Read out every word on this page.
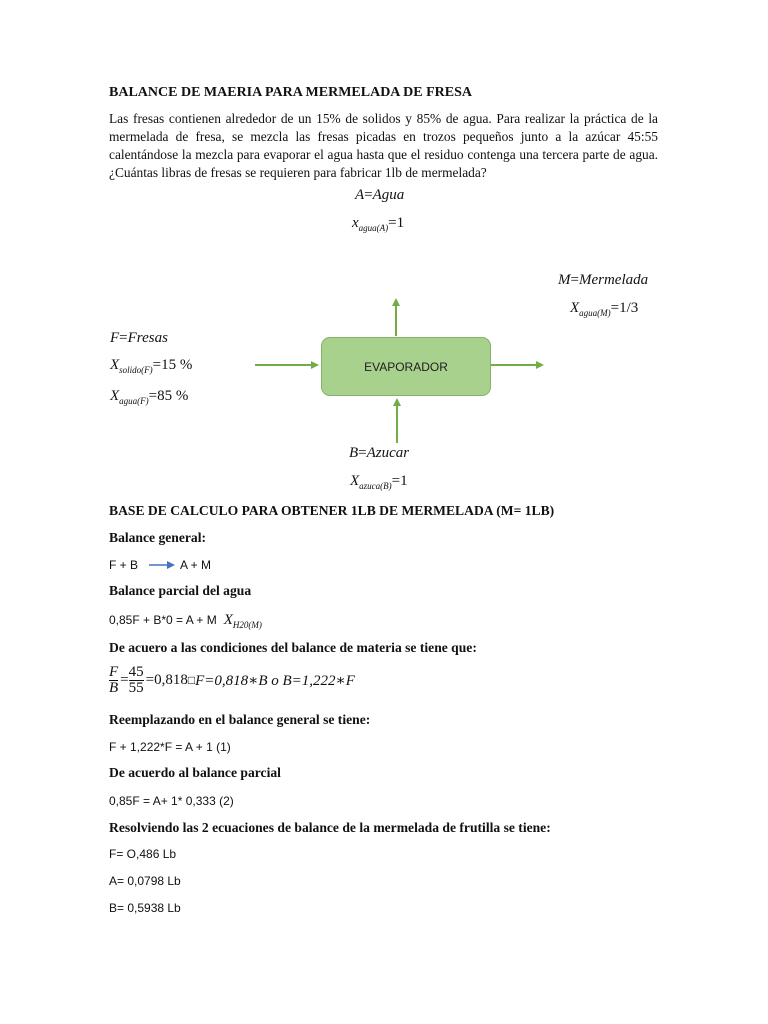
BALANCE DE MAERIA PARA MERMELADA DE FRESA
Las fresas contienen alrededor de un 15% de solidos y 85% de agua. Para realizar la práctica de la mermelada de fresa, se mezcla las fresas picadas en trozos pequeños junto a la azúcar 45:55 calentándose la mezcla para evaporar el agua hasta que el residuo contenga una tercera parte de agua. ¿Cuántas libras de fresas se requieren para fabricar 1lb de mermelada?
EVAPORADOR
A=Agua
$x_{agua(A)}=1$
M=Mermelada
$X_{agua(M)}=1/3$
F=Fresas
$X_{solido(F)}=15$ %
$X_{agua(F)}=85$ %
B=Azucar
$X_{azuca(B)}=1$
BASE DE CALCULO PARA OBTENER 1LB DE MERMELADA (M= 1LB)
Balance general:
F + B	A + M
Balance parcial del agua
0,85F + B*0 = A + M $X_{H20(M)}$
De acuero a las condiciones del balance de materia se tiene que:
$\frac{F}{B} = \frac{45}{55}$ =0,818□F=0,818∗B o B=1,222∗F
Reemplazando en el balance general se tiene:
F + 1,222*F = A + 1 (1)
De acuerdo al balance parcial
0,85F = A+ 1* 0,333 (2)
Resolviendo las 2 ecuaciones de balance de la mermelada de frutilla se tiene:
F= O,486 Lb
A= 0,0798 Lb
B= 0,5938 Lb
